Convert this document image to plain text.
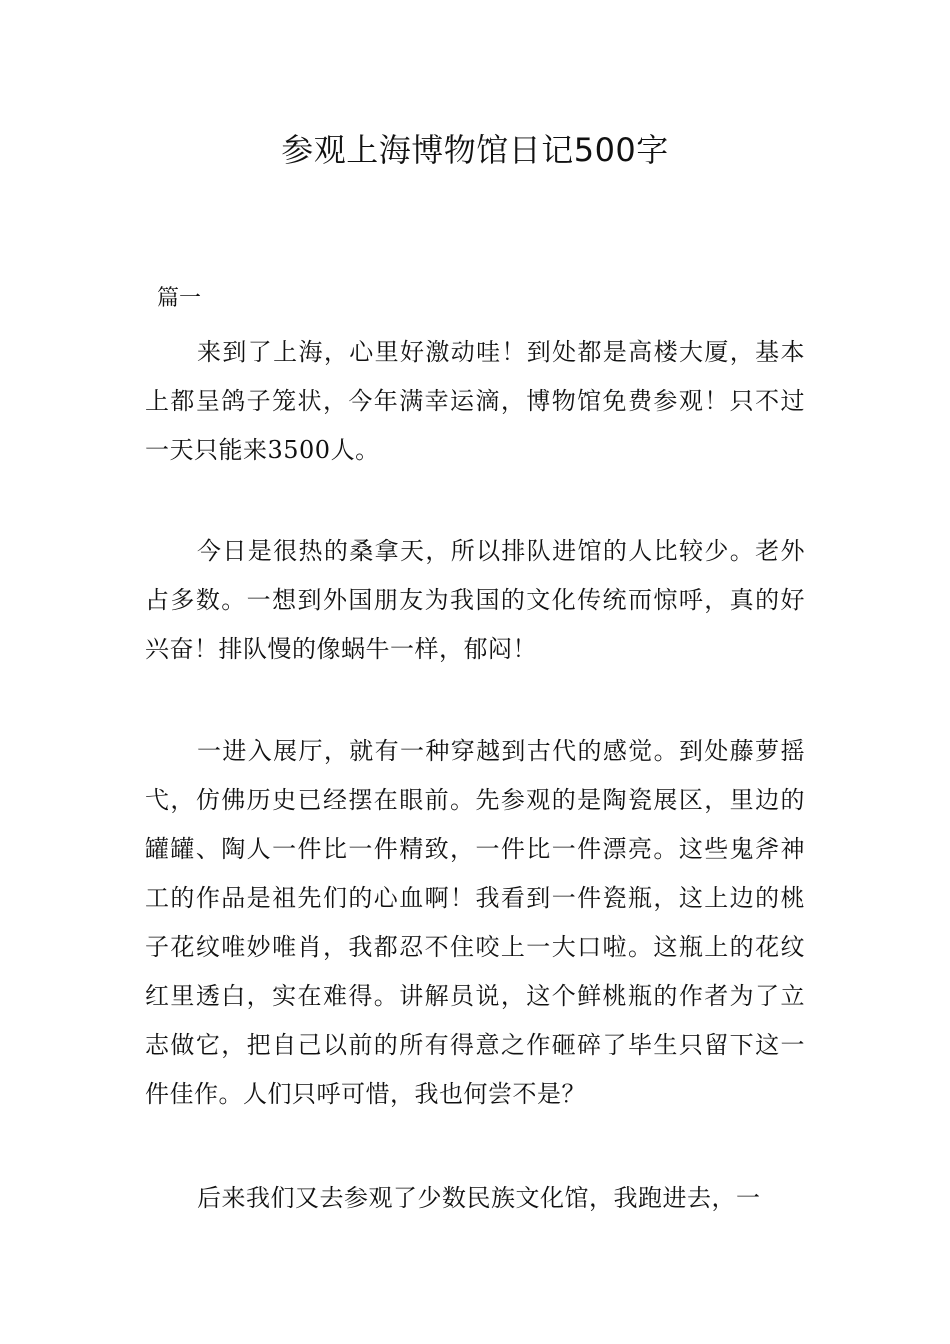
参观上海博物馆日记500字

篇一

来到了上海，心里好激动哇！到处都是高楼大厦，基本上都呈鸽子笼状，今年满幸运滴，博物馆免费参观！只不过一天只能来3500人。

今日是很热的桑拿天，所以排队进馆的人比较少。老外占多数。一想到外国朋友为我国的文化传统而惊呼，真的好兴奋！排队慢的像蜗牛一样，郁闷！

一进入展厅，就有一种穿越到古代的感觉。到处藤萝摇弋，仿佛历史已经摆在眼前。先参观的是陶瓷展区，里边的罐罐、陶人一件比一件精致，一件比一件漂亮。这些鬼斧神工的作品是祖先们的心血啊！我看到一件瓷瓶，这上边的桃子花纹唯妙唯肖，我都忍不住咬上一大口啦。这瓶上的花纹红里透白，实在难得。讲解员说，这个鲜桃瓶的作者为了立志做它，把自己以前的所有得意之作砸碎了毕生只留下这一件佳作。人们只呼可惜，我也何尝不是？

后来我们又去参观了少数民族文化馆，我跑进去，一
